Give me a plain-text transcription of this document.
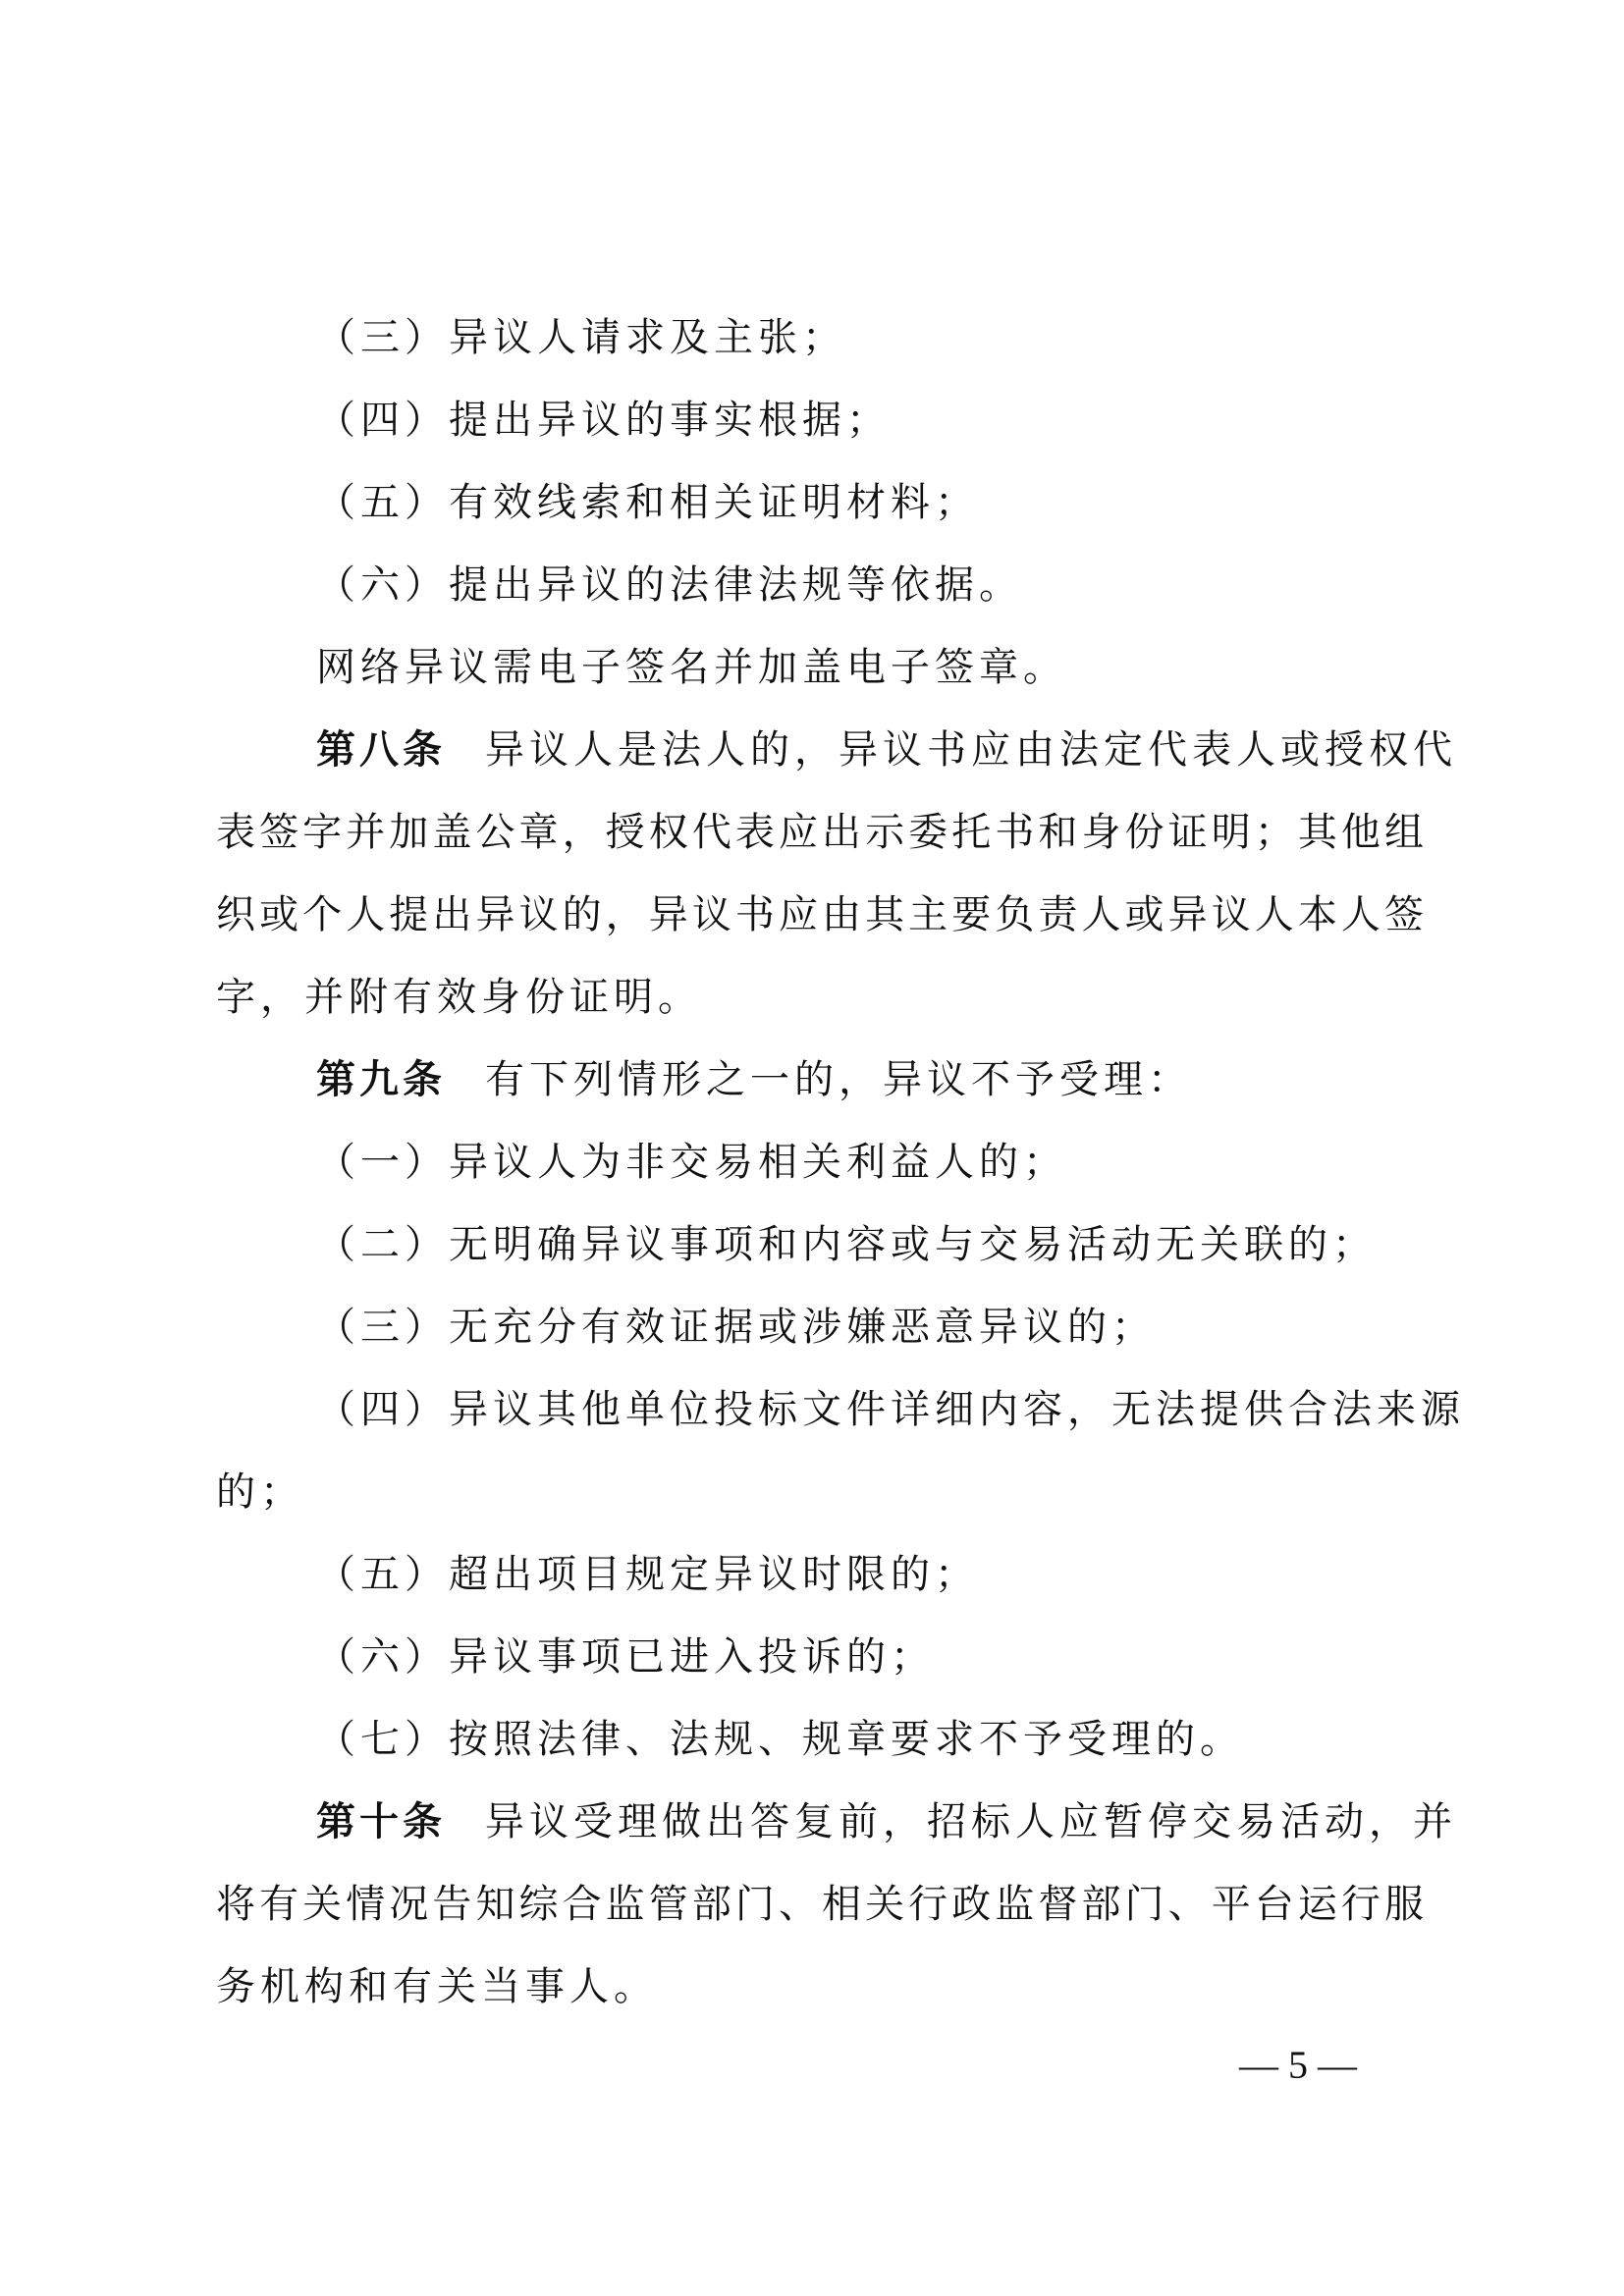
（三）异议人请求及主张；
（四）提出异议的事实根据；
（五）有效线索和相关证明材料；
（六）提出异议的法律法规等依据。
网络异议需电子签名并加盖电子签章。
第八条 异议人是法人的，异议书应由法定代表人或授权代
表签字并加盖公章，授权代表应出示委托书和身份证明；其他组
织或个人提出异议的，异议书应由其主要负责人或异议人本人签
字，并附有效身份证明。
第九条 有下列情形之一的，异议不予受理：
（一）异议人为非交易相关利益人的；
（二）无明确异议事项和内容或与交易活动无关联的；
（三）无充分有效证据或涉嫌恶意异议的；
（四）异议其他单位投标文件详细内容，无法提供合法来源
的；
（五）超出项目规定异议时限的；
（六）异议事项已进入投诉的；
（七）按照法律、法规、规章要求不予受理的。
第十条 异议受理做出答复前，招标人应暂停交易活动，并
将有关情况告知综合监管部门、相关行政监督部门、平台运行服
务机构和有关当事人。
— 5 —
